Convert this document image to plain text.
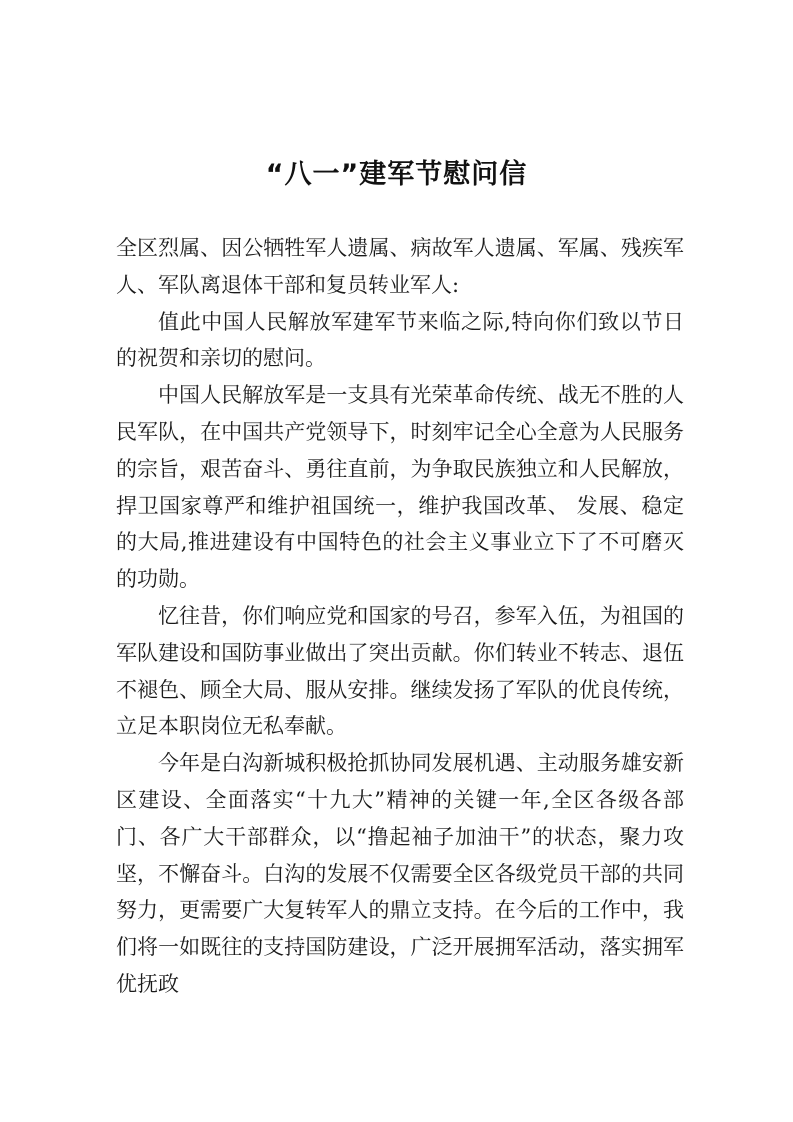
“八一”建军节慰问信

全区烈属、因公牺牲军人遗属、病故军人遗属、军属、残疾军人、军队离退体干部和复员转业军人:

值此中国人民解放军建军节来临之际,特向你们致以节日的祝贺和亲切的慰问。

中国人民解放军是一支具有光荣革命传统、战无不胜的人民军队，在中国共产党领导下，时刻牢记全心全意为人民服务的宗旨，艰苦奋斗、勇往直前，为争取民族独立和人民解放，捍卫国家尊严和维护祖国统一，维护我国改革、 发展、稳定的大局,推进建设有中国特色的社会主义事业立下了不可磨灭的功勋。

忆往昔，你们响应党和国家的号召，参军入伍，为祖国的军队建设和国防事业做出了突出贡献。你们转业不转志、退伍不褪色、顾全大局、服从安排。继续发扬了军队的优良传统，立足本职岗位无私奉献。

今年是白沟新城积极抢抓协同发展机遇、主动服务雄安新区建设、全面落实“十九大”精神的关键一年,全区各级各部门、各广大干部群众，以“撸起袖子加油干”的状态，聚力攻坚，不懈奋斗。白沟的发展不仅需要全区各级党员干部的共同努力，更需要广大复转军人的鼎立支持。在今后的工作中，我们将一如既往的支持国防建设，广泛开展拥军活动，落实拥军优抚政
